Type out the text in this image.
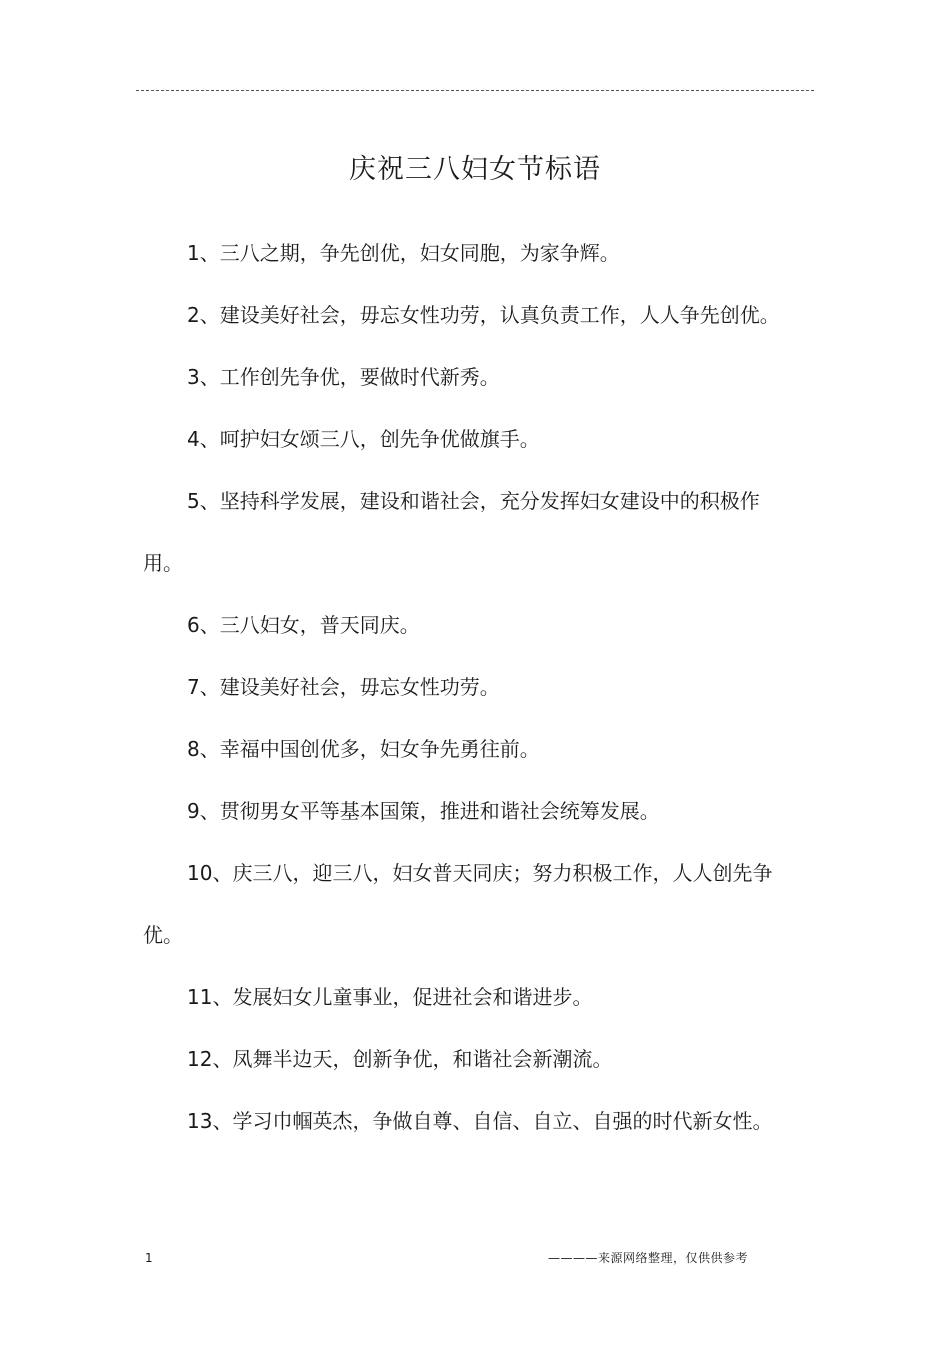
庆祝三八妇女节标语

1、三八之期，争先创优，妇女同胞，为家争辉。

2、建设美好社会，毋忘女性功劳，认真负责工作，人人争先创优。

3、工作创先争优，要做时代新秀。

4、呵护妇女颂三八，创先争优做旗手。

5、坚持科学发展，建设和谐社会，充分发挥妇女建设中的积极作用。

6、三八妇女，普天同庆。

7、建设美好社会，毋忘女性功劳。

8、幸福中国创优多，妇女争先勇往前。

9、贯彻男女平等基本国策，推进和谐社会统筹发展。

10、庆三八，迎三八，妇女普天同庆；努力积极工作，人人创先争优。

11、发展妇女儿童事业，促进社会和谐进步。

12、凤舞半边天，创新争优，和谐社会新潮流。

13、学习巾帼英杰，争做自尊、自信、自立、自强的时代新女性。

1	————来源网络整理，仅供供参考
